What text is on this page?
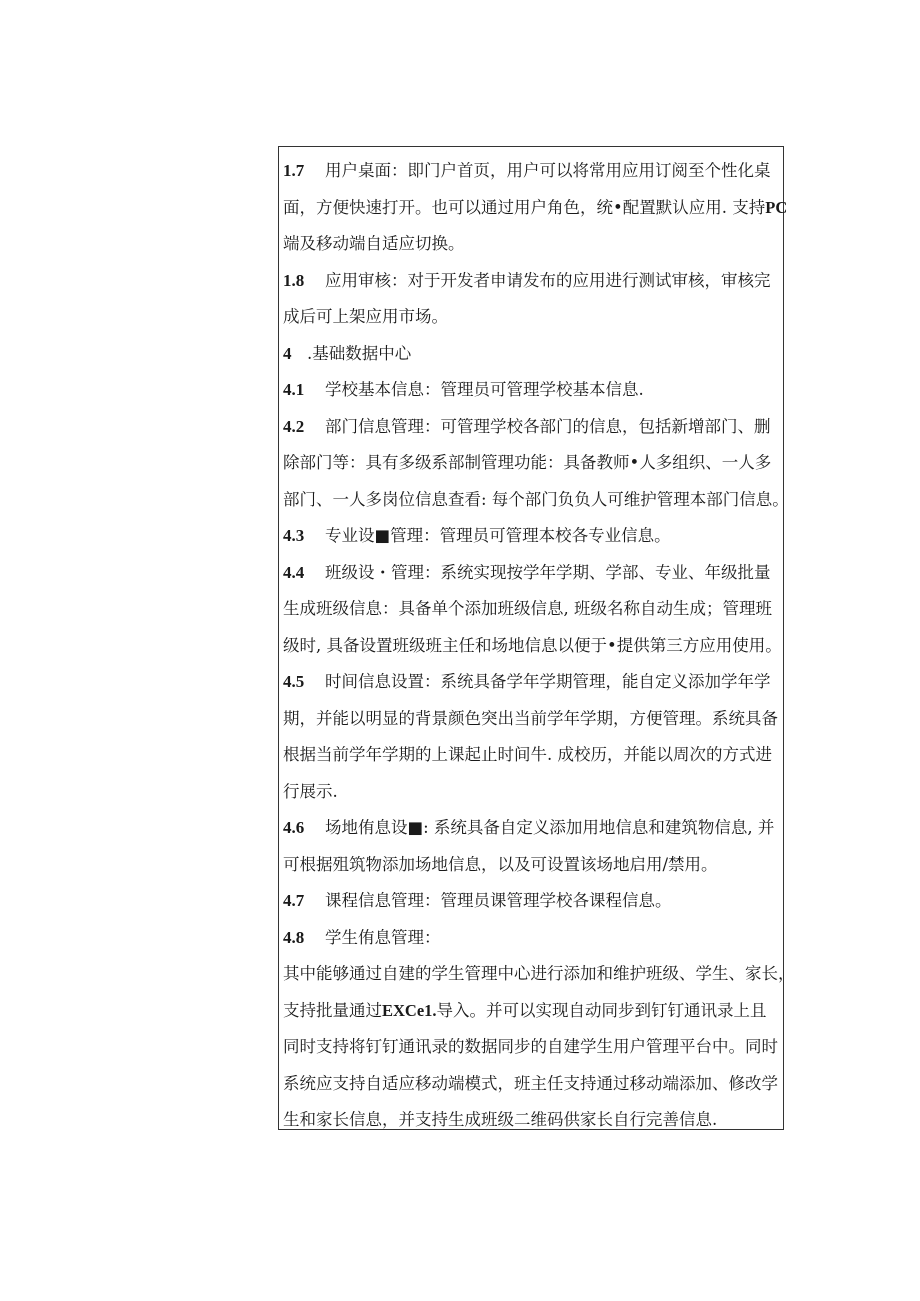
1.7 用户桌面：即门户首页，用户可以将常用应用订阅至个性化桌
面，方便快速打开。也可以通过用户角色，统•配置默认应用. 支持PC
端及移动端自适应切换。
1.8 应用审核：对于开发者申请发布的应用进行测试审核，审核完
成后可上架应用市场。
4 .基础数据中心
4.1 学校基本信息：管理员可管理学校基本信息.
4.2 部门信息管理：可管理学校各部门的信息，包括新增部门、删
除部门等：具有多级系部制管理功能：具备教师•人多组织、一人多
部门、一人多岗位信息查看: 每个部门负负人可维护管理本部门信息。
4.3 专业设■管理：管理员可管理本校各专业信息。
4.4 班级设・管理：系统实现按学年学期、学部、专业、年级批量
生成班级信息：具备单个添加班级信息, 班级名称自动生成；管理班
级时, 具备设置班级班主任和场地信息以便于•提供第三方应用使用。
4.5 时间信息设置：系统具备学年学期管理，能自定义添加学年学
期，并能以明显的背景颜色突出当前学年学期，方便管理。系统具备
根据当前学年学期的上课起止时间牛. 成校历，并能以周次的方式进
行展示.
4.6 场地侑息设■: 系统具备自定义添加用地信息和建筑物信息, 并
可根据殂筑物添加场地信息，以及可设置该场地启用/禁用。
4.7 课程信息管理：管理员课管理学校各课程信息。
4.8 学生侑息管理：
其中能够通过自建的学生管理中心进行添加和维护班级、学生、家长，
支持批量通过EXCe1.导入。并可以实现自动同步到钉钉通讯录上且
同时支持将钉钉通讯录的数据同步的自建学生用户管理平台中。同时
系统应支持自适应移动端模式，班主任支持通过移动端添加、修改学
生和家长信息，并支持生成班级二维码供家长自行完善信息.
